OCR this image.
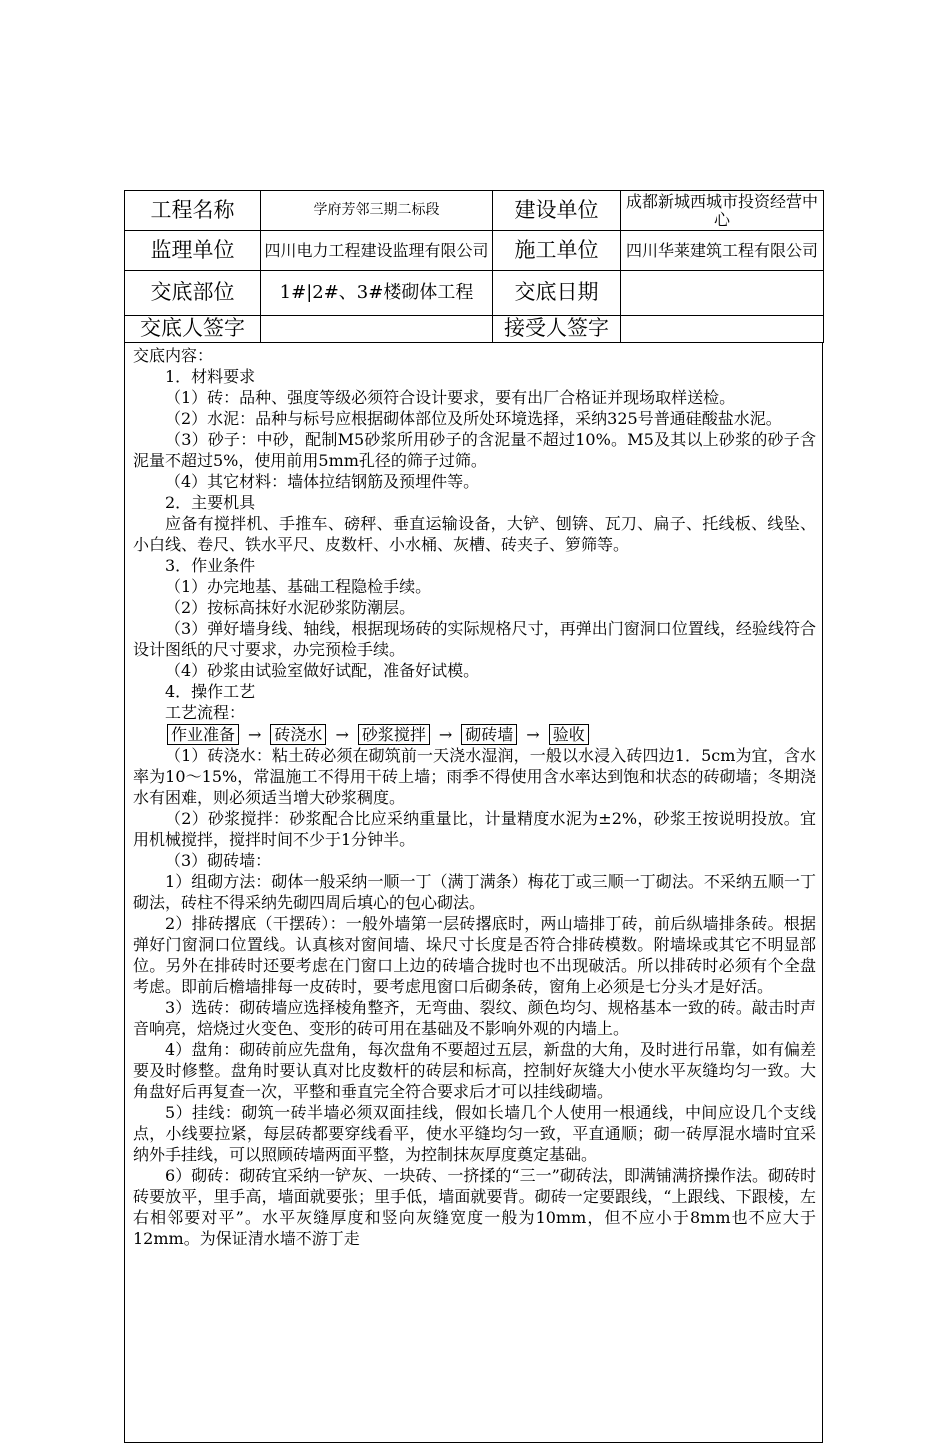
工程名称	学府芳邻三期二标段	建设单位	成都新城西城市投资经营中心
监理单位	四川电力工程建设监理有限公司	施工单位	四川华莱建筑工程有限公司
交底部位	1#|2#、3#楼砌体工程	交底日期	
交底人签字		接受人签字	

交底内容：

1．材料要求

（1）砖：品种、强度等级必须符合设计要求，要有出厂合格证并现场取样送检。

（2）水泥：品种与标号应根据砌体部位及所处环境选择，采纳325号普通硅酸盐水泥。

（3）砂子：中砂，配制M5砂浆所用砂子的含泥量不超过10%。M5及其以上砂浆的砂子含泥量不超过5%，使用前用5mm孔径的筛子过筛。

（4）其它材料：墙体拉结钢筋及预埋件等。

2．主要机具

应备有搅拌机、手推车、磅秤、垂直运输设备，大铲、刨锛、瓦刀、扁子、托线板、线坠、小白线、卷尺、铁水平尺、皮数杆、小水桶、灰槽、砖夹子、箩筛等。

3．作业条件

（1）办完地基、基础工程隐检手续。

（2）按标高抹好水泥砂浆防潮层。

（3）弹好墙身线、轴线，根据现场砖的实际规格尺寸，再弹出门窗洞口位置线，经验线符合设计图纸的尺寸要求，办完预检手续。

（4）砂浆由试验室做好试配，准备好试模。

4．操作工艺

工艺流程：

作业准备 → 砖浇水 → 砂浆搅拌 → 砌砖墙 → 验收

（1）砖浇水：粘土砖必须在砌筑前一天浇水湿润，一般以水浸入砖四边1．5cm为宜，含水率为10～15%，常温施工不得用干砖上墙；雨季不得使用含水率达到饱和状态的砖砌墙；冬期浇水有困难，则必须适当增大砂浆稠度。

（2）砂浆搅拌：砂浆配合比应采纳重量比，计量精度水泥为±2%，砂浆王按说明投放。宜用机械搅拌，搅拌时间不少于1分钟半。

（3）砌砖墙：

1）组砌方法：砌体一般采纳一顺一丁（满丁满条）梅花丁或三顺一丁砌法。不采纳五顺一丁砌法，砖柱不得采纳先砌四周后填心的包心砌法。

2）排砖撂底（干摆砖）：一般外墙第一层砖撂底时，两山墙排丁砖，前后纵墙排条砖。根据弹好门窗洞口位置线。认真核对窗间墙、垛尺寸长度是否符合排砖模数。附墙垛或其它不明显部位。另外在排砖时还要考虑在门窗口上边的砖墙合拢时也不出现破活。所以排砖时必须有个全盘考虑。即前后檐墙排每一皮砖时，要考虑甩窗口后砌条砖，窗角上必须是七分头才是好活。

3）选砖：砌砖墙应选择棱角整齐，无弯曲、裂纹、颜色均匀、规格基本一致的砖。敲击时声音响亮，焙烧过火变色、变形的砖可用在基础及不影响外观的内墙上。

4）盘角：砌砖前应先盘角，每次盘角不要超过五层，新盘的大角，及时进行吊靠，如有偏差要及时修整。盘角时要认真对比皮数杆的砖层和标高，控制好灰缝大小使水平灰缝均匀一致。大角盘好后再复查一次，平整和垂直完全符合要求后才可以挂线砌墙。

5）挂线：砌筑一砖半墙必须双面挂线，假如长墙几个人使用一根通线，中间应设几个支线点，小线要拉紧，每层砖都要穿线看平，使水平缝均匀一致，平直通顺；砌一砖厚混水墙时宜采纳外手挂线，可以照顾砖墙两面平整，为控制抹灰厚度奠定基础。

6）砌砖：砌砖宜采纳一铲灰、一块砖、一挤揉的“三一”砌砖法，即满铺满挤操作法。砌砖时砖要放平，里手高，墙面就要张；里手低，墙面就要背。砌砖一定要跟线，“上跟线、下跟棱，左右相邻要对平”。水平灰缝厚度和竖向灰缝宽度一般为10mm，但不应小于8mm也不应大于12mm。为保证清水墙不游丁走
